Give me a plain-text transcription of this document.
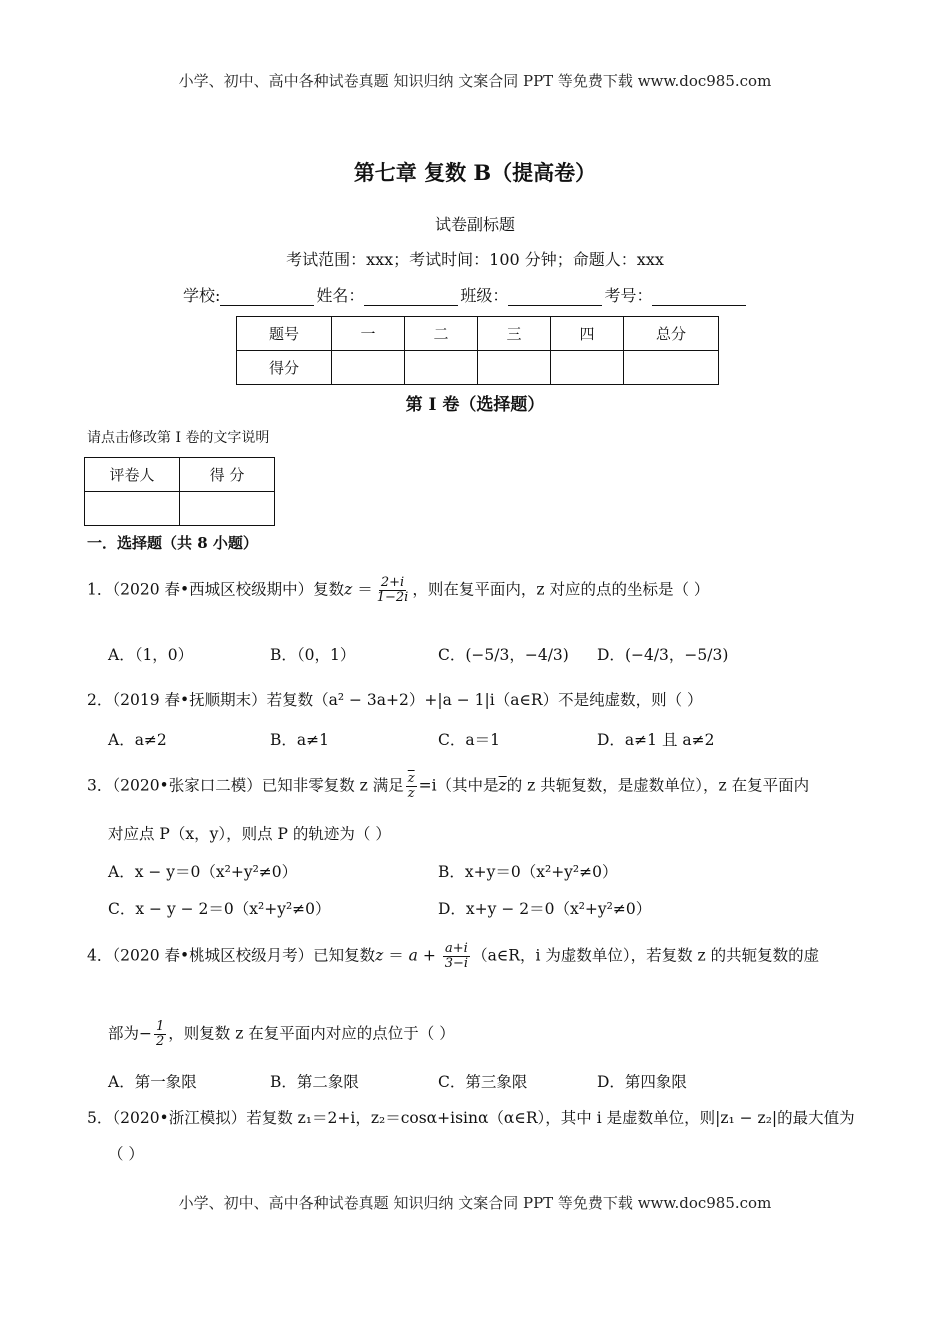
小学、初中、高中各种试卷真题 知识归纳 文案合同 PPT 等免费下载 www.doc985.com
第七章 复数 B（提高卷）
试卷副标题
考试范围：xxx；考试时间：100 分钟；命题人：xxx
学校:	姓名：	班级：	考号：
题号	一	二	三	四	总分
得分					
第 I 卷（选择题）
请点击修改第 I 卷的文字说明
评卷人	得 分

一．选择题（共 8 小题）
1．（2020 春•西城区校级期中）复数$z = \frac{2+i}{1-2i}$ ，则在复平面内，z 对应的点的坐标是（ ）
A．（1，0）	B．（0，1）	C．(−5/3，−4/3) D．(−4/3，−5/3)
2．（2019 春•抚顺期末）若复数（a² − 3a+2）+|a − 1|i（a∈R）不是纯虚数，则（ ）
A．a≠2	B．a≠1	C．a＝1	D．a≠1 且 a≠2
3．（2020•张家口二模）已知非零复数 z 满足 $\frac{\overline{z}}{z} =i$（其中是$\overline{z}$的 z 共轭复数，是虚数单位），z 在复平面内
对应点 P（x，y），则点 P 的轨迹为（ ）
A．x − y＝0（x²+y²≠0）	B．x+y＝0（x²+y²≠0）
C．x − y − 2＝0（x²+y²≠0）	D．x+y − 2＝0（x²+y²≠0）
4．（2020 春•桃城区校级月考）已知复数$z = a + \frac{a+i}{3-i}$ （a∈R，i 为虚数单位），若复数 z 的共轭复数的虚
部为− $\frac{1}{2}$ ，则复数 z 在复平面内对应的点位于（ ）
A．第一象限	B．第二象限	C．第三象限	D．第四象限
5．（2020•浙江模拟）若复数 z₁＝2+i，z₂＝cosα+isinα（α∈R），其中 i 是虚数单位，则|z₁ − z₂|的最大值为
（ ）
小学、初中、高中各种试卷真题 知识归纳 文案合同 PPT 等免费下载 www.doc985.com
